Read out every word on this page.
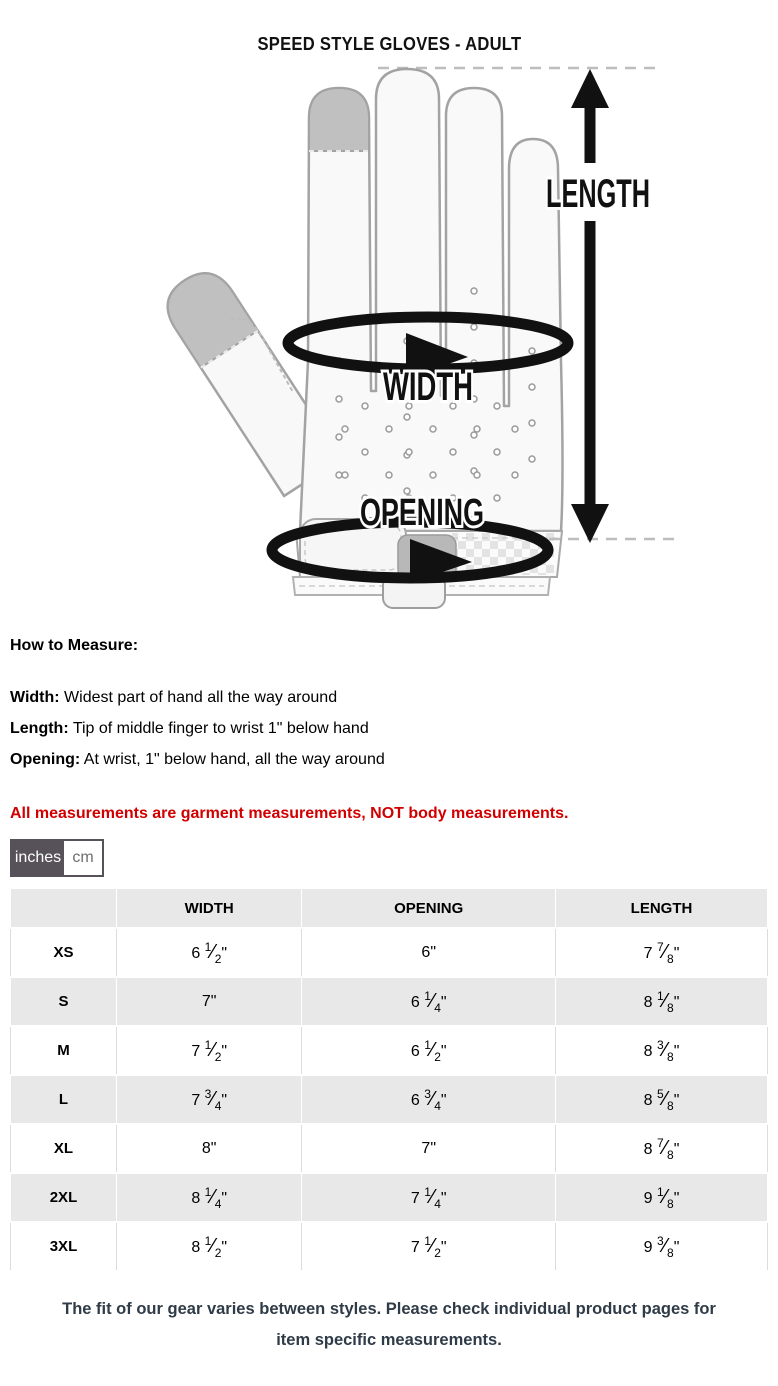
SPEED STYLE GLOVES - ADULT
LENGTH
WIDTH
OPENING

How to Measure:

Width: Widest part of hand all the way around

Length: Tip of middle finger to wrist 1" below hand

Opening: At wrist, 1" below hand, all the way around

All measurements are garment measurements, NOT body measurements.

inches cm
	WIDTH	OPENING	LENGTH
XS	6 $^1⁄_2$"	6"	7 $^7⁄_8$"
S	7"	6 $^1⁄_4$"	8 $^1⁄_8$"
M	7 $^1⁄_2$"	6 $^1⁄_2$"	8 $^3⁄_8$"
L	7 $^3⁄_4$"	6 $^3⁄_4$"	8 $^5⁄_8$"
XL	8"	7"	8 $^7⁄_8$"
2XL	8 $^1⁄_4$"	7 $^1⁄_4$"	9 $^1⁄_8$"
3XL	8 $^1⁄_2$"	7 $^1⁄_2$"	9 $^3⁄_8$"

The fit of our gear varies between styles. Please check individual product pages for item specific measurements.
